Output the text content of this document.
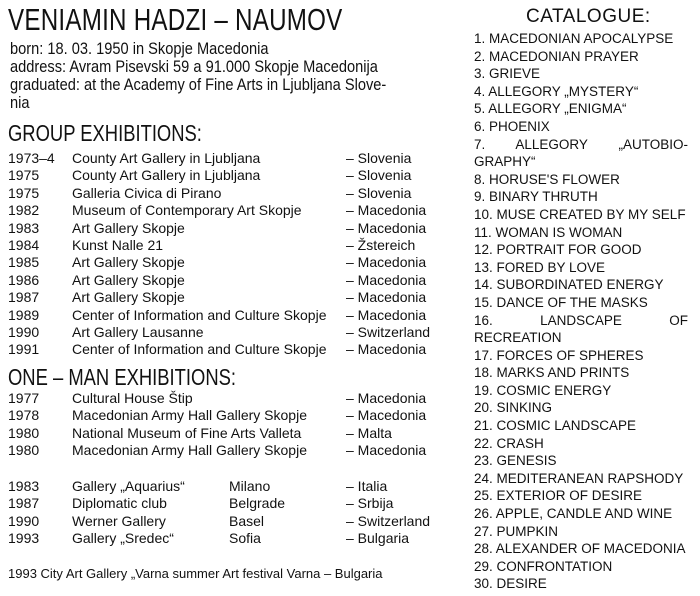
VENIAMIN HADZI – NAUMOV
born: 18. 03. 1950 in Skopje Macedonia
address: Avram Pisevski 59 a 91.000 Skopje Macedonija
graduated: at the Academy of Fine Arts in Ljubljana Slove-
nia
GROUP EXHIBITIONS:
1973–4 County Art Gallery in Ljubljana	– Slovenia
1975 County Art Gallery in Ljubljana	– Slovenia
1975 Galleria Civica di Pirano	– Slovenia
1982 Museum of Contemporary Art Skopje	– Macedonia
1983 Art Gallery Skopje	– Macedonia
1984 Kunst Nalle 21	– Žstereich
1985 Art Gallery Skopje	– Macedonia
1986 Art Gallery Skopje	– Macedonia
1987 Art Gallery Skopje	– Macedonia
1989 Center of Information and Culture Skopje – Macedonia
1990 Art Gallery Lausanne	– Switzerland
1991 Center of Information and Culture Skopje – Macedonia
ONE – MAN EXHIBITIONS:
1977 Cultural House Štip	– Macedonia
1978 Macedonian Army Hall Gallery Skopje	– Macedonia
1980 National Museum of Fine Arts Valleta	– Malta
1980 Macedonian Army Hall Gallery Skopje	– Macedonia
1983 Gallery „Aquarius“	Milano	– Italia
1987 Diplomatic club	Belgrade	– Srbija
1990 Werner Gallery	Basel	– Switzerland
1993 Gallery „Sredec“	Sofia	– Bulgaria
1993 City Art Gallery „Varna summer Art festival Varna – Bulgaria
CATALOGUE:
1. MACEDONIAN APOCALYPSE
2. MACEDONIAN PRAYER
3. GRIEVE
4. ALLEGORY „MYSTERY“
5. ALLEGORY „ENIGMA“
6. PHOENIX
7. ALLEGORY „AUTOBIO-GRAPHY“
8. HORUSE'S FLOWER
9. BINARY THRUTH
10. MUSE CREATED BY MY SELF
11. WOMAN IS WOMAN
12. PORTRAIT FOR GOOD
13. FORED BY LOVE
14. SUBORDINATED ENERGY
15. DANCE OF THE MASKS
16. LANDSCAPE OF RECREATION
17. FORCES OF SPHERES
18. MARKS AND PRINTS
19. COSMIC ENERGY
20. SINKING
21. COSMIC LANDSCAPE
22. CRASH
23. GENESIS
24. MEDITERANEAN RAPSHODY
25. EXTERIOR OF DESIRE
26. APPLE, CANDLE AND WINE
27. PUMPKIN
28. ALEXANDER OF MACEDONIA
29. CONFRONTATION
30. DESIRE
